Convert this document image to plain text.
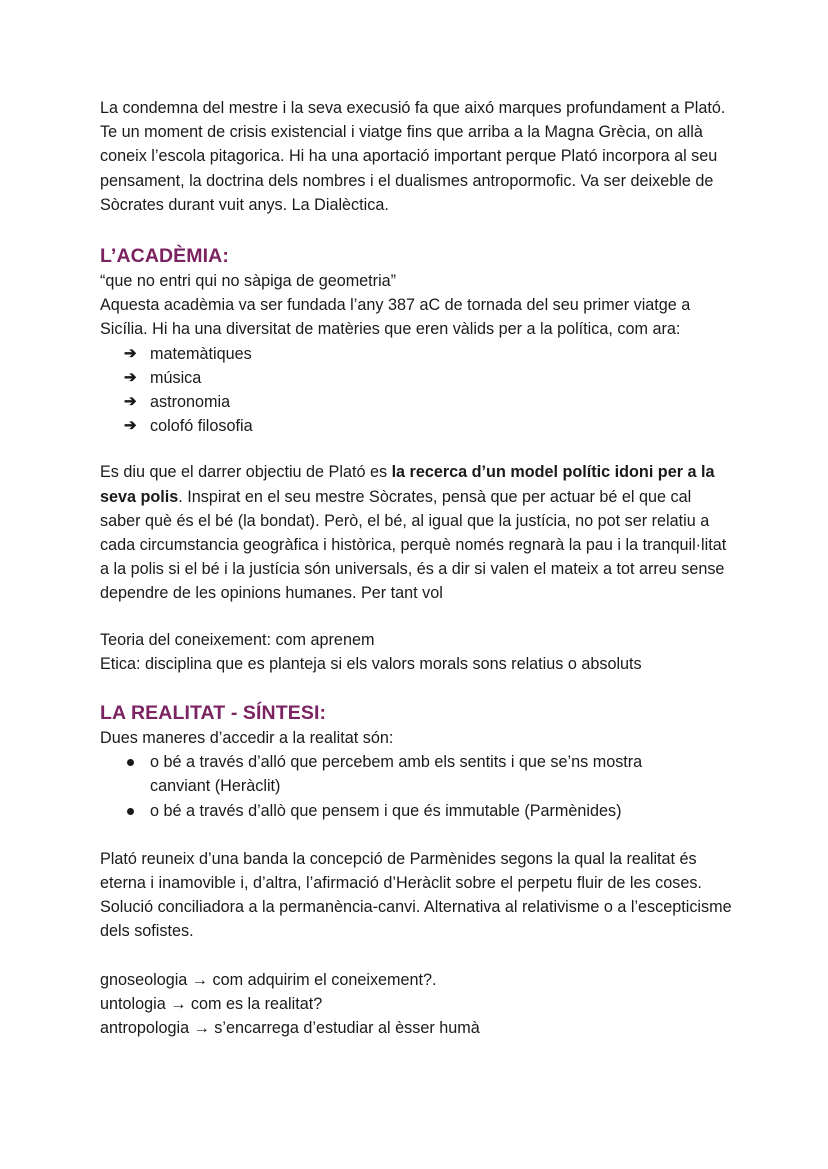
La condemna del mestre i la seva execusió fa que aixó marques profundament a Plató. Te un moment de crisis existencial i viatge fins que arriba a la Magna Grècia, on allà coneix l’escola pitagorica. Hi ha una aportació important perque Plató incorpora al seu pensament, la doctrina dels nombres i el dualismes antropormofic. Va ser deixeble de Sòcrates durant vuit anys. La Dialèctica.

L’ACADÈMIA:

“que no entri qui no sàpiga de geometria”

Aquesta acadèmia va ser fundada l’any 387 aC de tornada del seu primer viatge a Sicília. Hi ha una diversitat de matèries que eren vàlids per a la política, com ara:

➔ matemàtiques
➔ música
➔ astronomia
➔ colofó filosofia

Es diu que el darrer objectiu de Plató es la recerca d’un model polític idoni per a la seva polis. Inspirat en el seu mestre Sòcrates, pensà que per actuar bé el que cal saber què és el bé (la bondat). Però, el bé, al igual que la justícia, no pot ser relatiu a cada circumstancia geogràfica i històrica, perquè només regnarà la pau i la tranquil·litat a la polis si el bé i la justícia són universals, és a dir si valen el mateix a tot arreu sense dependre de les opinions humanes. Per tant vol

Teoria del coneixement: com aprenem

Etica: disciplina que es planteja si els valors morals sons relatius o absoluts

LA REALITAT - SÍNTESI:

Dues maneres d’accedir a la realitat són:

o bé a través d’alló que percebem amb els sentits i que se’ns mostra canviant (Heràclit)
o bé a través d’allò que pensem i que és immutable (Parmènides)

Plató reuneix d’una banda la concepció de Parmènides segons la qual la realitat és eterna i inamovible i, d’altra, l’afirmació d’Heràclit sobre el perpetu fluir de les coses. Solució conciliadora a la permanència-canvi. Alternativa al relativisme o a l’escepticisme dels sofistes.

gnoseologia → com adquirim el coneixement?.

untologia → com es la realitat?

antropologia → s’encarrega d’estudiar al èsser humà
